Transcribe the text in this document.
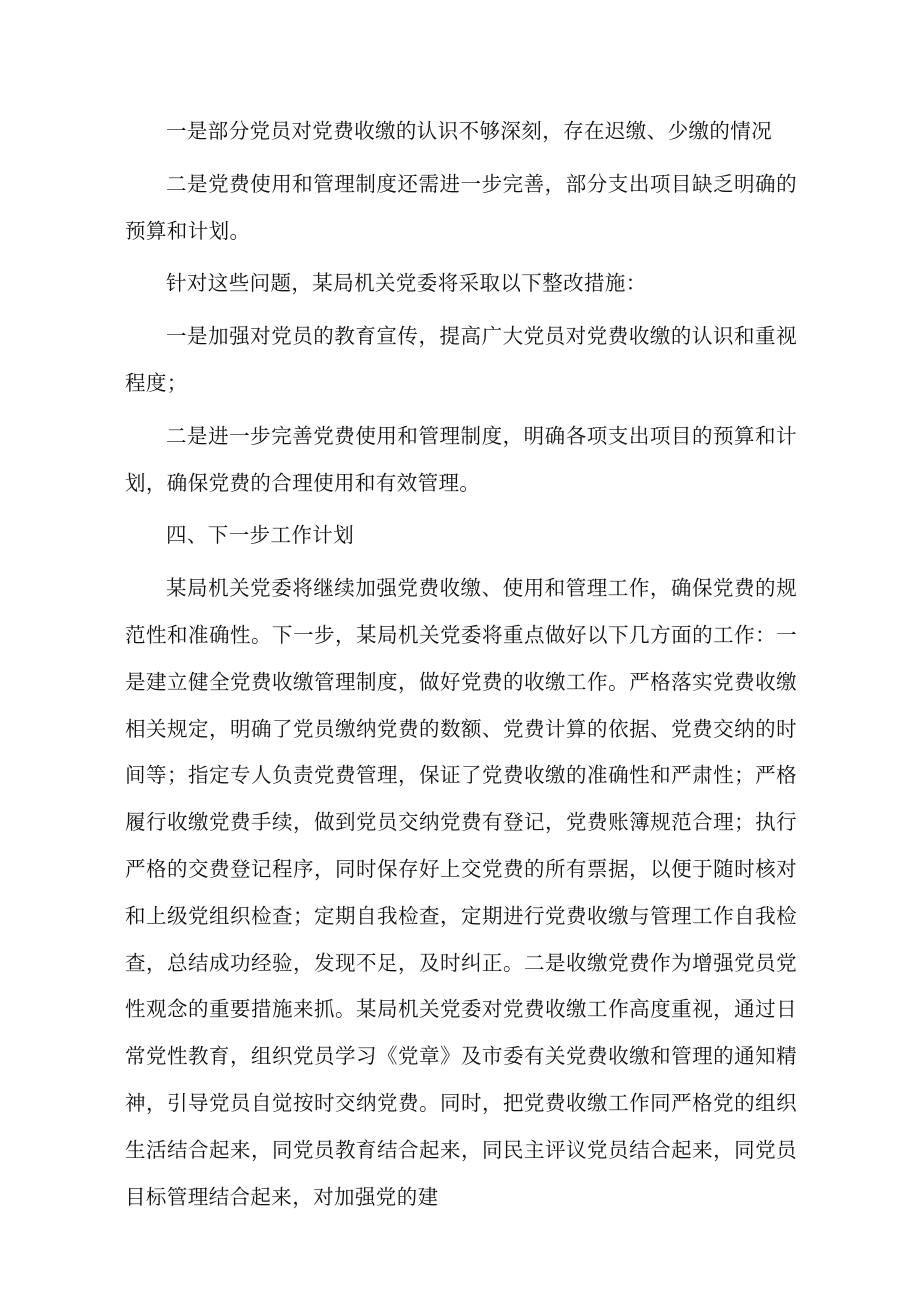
一是部分党员对党费收缴的认识不够深刻，存在迟缴、少缴的情况

二是党费使用和管理制度还需进一步完善，部分支出项目缺乏明确的预算和计划。

针对这些问题，某局机关党委将采取以下整改措施：

一是加强对党员的教育宣传，提高广大党员对党费收缴的认识和重视程度；

二是进一步完善党费使用和管理制度，明确各项支出项目的预算和计划，确保党费的合理使用和有效管理。

四、下一步工作计划

某局机关党委将继续加强党费收缴、使用和管理工作，确保党费的规范性和准确性。下一步，某局机关党委将重点做好以下几方面的工作：一是建立健全党费收缴管理制度，做好党费的收缴工作。严格落实党费收缴相关规定，明确了党员缴纳党费的数额、党费计算的依据、党费交纳的时间等；指定专人负责党费管理，保证了党费收缴的准确性和严肃性；严格履行收缴党费手续，做到党员交纳党费有登记，党费账簿规范合理；执行严格的交费登记程序，同时保存好上交党费的所有票据，以便于随时核对和上级党组织检查；定期自我检查，定期进行党费收缴与管理工作自我检查，总结成功经验，发现不足，及时纠正。二是收缴党费作为增强党员党性观念的重要措施来抓。某局机关党委对党费收缴工作高度重视，通过日常党性教育，组织党员学习《党章》及市委有关党费收缴和管理的通知精神，引导党员自觉按时交纳党费。同时，把党费收缴工作同严格党的组织生活结合起来，同党员教育结合起来，同民主评议党员结合起来，同党员目标管理结合起来，对加强党的建
